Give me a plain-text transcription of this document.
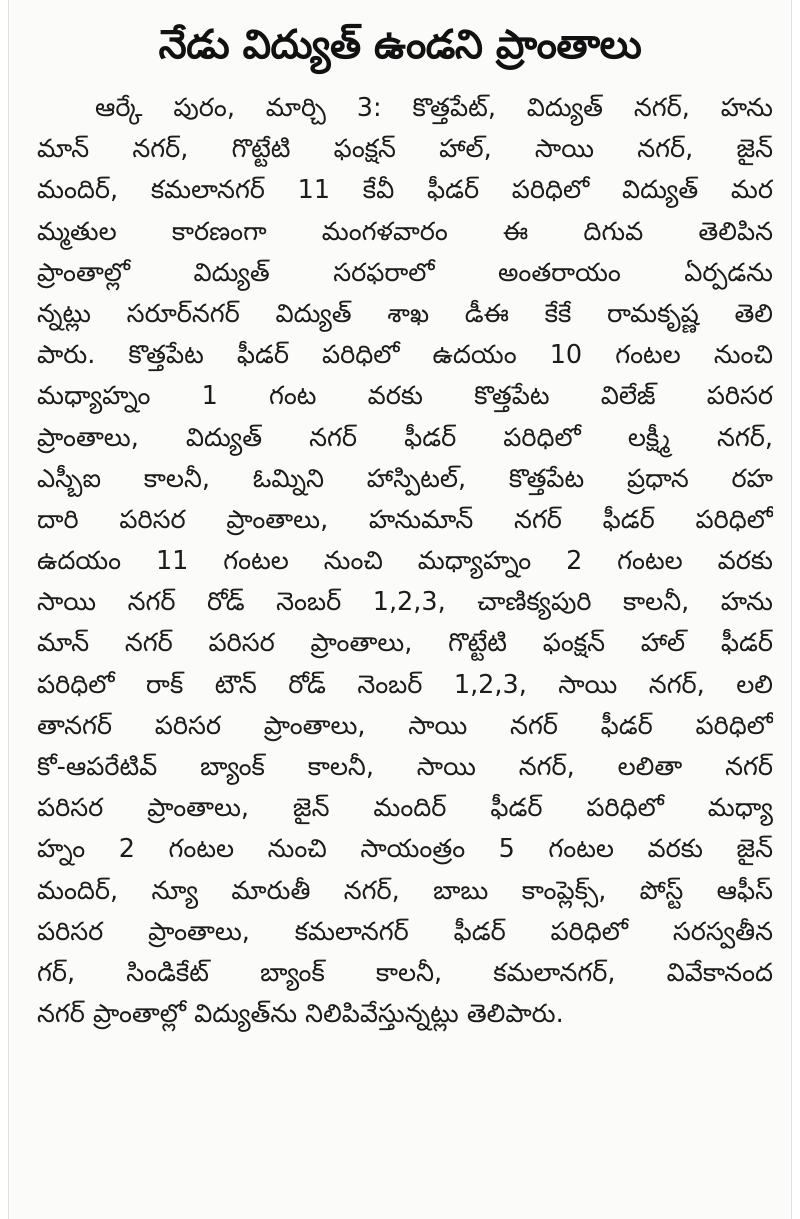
నేడు విద్యుత్ ఉండని ప్రాంతాలు
ఆర్కే పురం, మార్చి 3: కొత్తపేట్, విద్యుత్ నగర్, హను
మాన్ నగర్, గొట్టేటి ఫంక్షన్ హాల్, సాయి నగర్, జైన్
మందిర్, కమలానగర్ 11 కేవీ ఫీడర్ పరిధిలో విద్యుత్ మర
మ్మతుల కారణంగా మంగళవారం ఈ దిగువ తెలిపిన
ప్రాంతాల్లో విద్యుత్ సరఫరాలో అంతరాయం ఏర్పడను
న్నట్లు సరూర్‌నగర్ విద్యుత్ శాఖ డీఈ కేకే రామకృష్ణ తెలి
పారు. కొత్తపేట ఫీడర్ పరిధిలో ఉదయం 10 గంటల నుంచి
మధ్యాహ్నం 1 గంట వరకు కొత్తపేట విలేజ్ పరిసర
ప్రాంతాలు, విద్యుత్ నగర్ ఫీడర్ పరిధిలో లక్ష్మీ నగర్,
ఎస్బీఐ కాలనీ, ఓమ్నిని హాస్పిటల్, కొత్తపేట ప్రధాన రహ
దారి పరిసర ప్రాంతాలు, హనుమాన్ నగర్ ఫీడర్ పరిధిలో
ఉదయం 11 గంటల నుంచి మధ్యాహ్నం 2 గంటల వరకు
సాయి నగర్ రోడ్ నెంబర్ 1,2,3, చాణిక్యపురి కాలనీ, హను
మాన్ నగర్ పరిసర ప్రాంతాలు, గొట్టేటి ఫంక్షన్ హాల్ ఫీడర్
పరిధిలో రాక్ టౌన్ రోడ్ నెంబర్ 1,2,3, సాయి నగర్, లలి
తానగర్ పరిసర ప్రాంతాలు, సాయి నగర్ ఫీడర్ పరిధిలో
కో-ఆపరేటివ్ బ్యాంక్ కాలనీ, సాయి నగర్, లలితా నగర్
పరిసర ప్రాంతాలు, జైన్ మందిర్ ఫీడర్ పరిధిలో మధ్యా
హ్నం 2 గంటల నుంచి సాయంత్రం 5 గంటల వరకు జైన్
మందిర్, న్యూ మారుతీ నగర్, బాబు కాంప్లెక్స్, పోస్ట్ ఆఫీస్
పరిసర ప్రాంతాలు, కమలానగర్ ఫీడర్ పరిధిలో సరస్వతీన
గర్, సిండికేట్ బ్యాంక్ కాలనీ, కమలానగర్, వివేకానంద
నగర్ ప్రాంతాల్లో విద్యుత్‌ను నిలిపివేస్తున్నట్లు తెలిపారు.
